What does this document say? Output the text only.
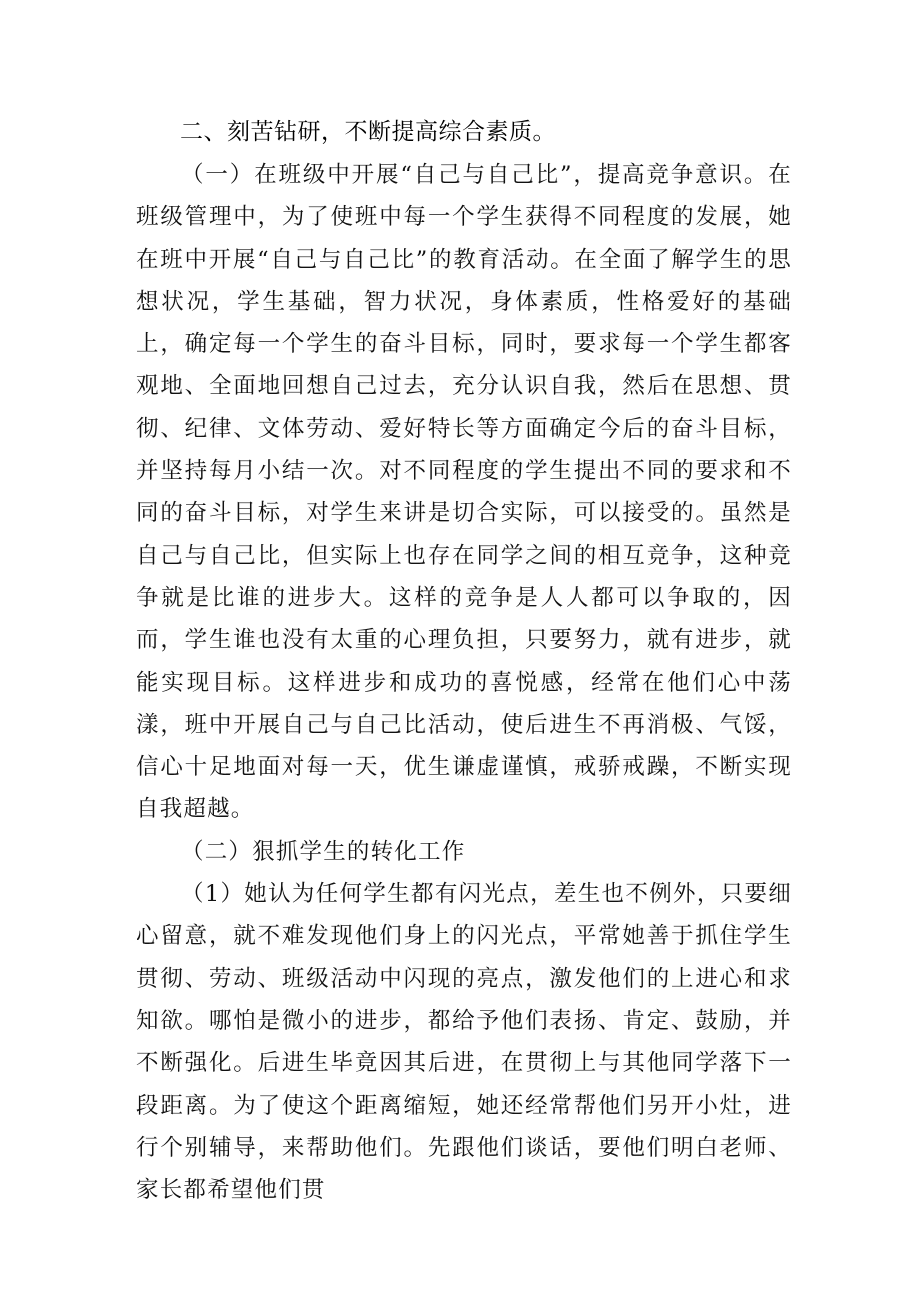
二、刻苦钻研，不断提高综合素质。

（一）在班级中开展“自己与自己比”，提高竞争意识。在班级管理中，为了使班中每一个学生获得不同程度的发展，她在班中开展“自己与自己比”的教育活动。在全面了解学生的思想状况，学生基础，智力状况，身体素质，性格爱好的基础上，确定每一个学生的奋斗目标，同时，要求每一个学生都客观地、全面地回想自己过去，充分认识自我，然后在思想、贯彻、纪律、文体劳动、爱好特长等方面确定今后的奋斗目标，并坚持每月小结一次。对不同程度的学生提出不同的要求和不同的奋斗目标，对学生来讲是切合实际，可以接受的。虽然是自己与自己比，但实际上也存在同学之间的相互竞争，这种竞争就是比谁的进步大。这样的竞争是人人都可以争取的，因而，学生谁也没有太重的心理负担，只要努力，就有进步，就能实现目标。这样进步和成功的喜悦感，经常在他们心中荡漾，班中开展自己与自己比活动，使后进生不再消极、气馁，信心十足地面对每一天，优生谦虚谨慎，戒骄戒躁，不断实现自我超越。

（二）狠抓学生的转化工作

（1）她认为任何学生都有闪光点，差生也不例外，只要细心留意，就不难发现他们身上的闪光点，平常她善于抓住学生贯彻、劳动、班级活动中闪现的亮点，激发他们的上进心和求知欲。哪怕是微小的进步，都给予他们表扬、肯定、鼓励，并不断强化。后进生毕竟因其后进，在贯彻上与其他同学落下一段距离。为了使这个距离缩短，她还经常帮他们另开小灶，进行个别辅导，来帮助他们。先跟他们谈话，要他们明白老师、家长都希望他们贯
